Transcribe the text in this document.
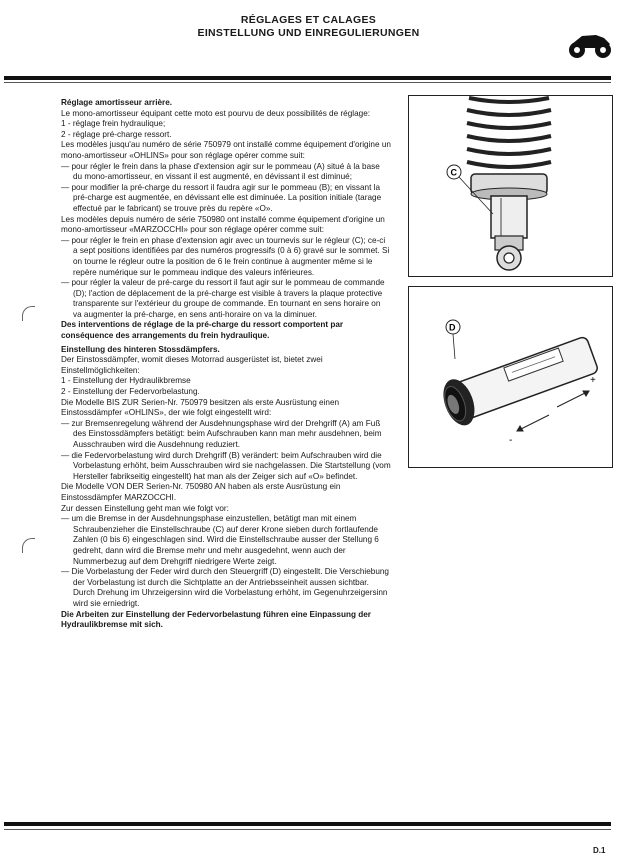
RÉGLAGES ET CALAGES
EINSTELLUNG UND EINREGULIERUNGEN

Réglage amortisseur arrière.

Le mono-amortisseur équipant cette moto est pourvu de deux possibilités de réglage:

1 - réglage frein hydraulique;

2 - réglage pré-charge ressort.

Les modèles jusqu'au numéro de série 750979 ont installé comme équipement d'origine un mono-amortisseur «OHLINS» pour son réglage opérer comme suit:

— pour régler le frein dans la phase d'extension agir sur le pommeau (A) situé à la base du mono-amortisseur, en vissant il est augmenté, en dévissant il est diminué;

— pour modifier la pré-charge du ressort il faudra agir sur le pommeau (B); en vissant la pré-charge est augmentée, en dévissant elle est diminuée. La position initiale (tarage effectué par le fabricant) se trouve près du repère «O».

Les modèles depuis numéro de série 750980 ont installé comme équipement d'origine un mono-amortisseur «MARZOCCHI» pour son réglage opérer comme suit:

— pour régler le frein en phase d'extension agir avec un tournevis sur le régleur (C); ce-ci a sept positions identifiées par des numéros progressifs (0 à 6) gravé sur le sommet. Si on tourne le régleur outre la position de 6 le frein continue à augmenter même si le repère numérique sur le pommeau indique des valeurs inférieures.

— pour régler la valeur de pré-carge du ressort il faut agir sur le pommeau de commande (D); l'action de déplacement de la pré-charge est visible à travers la plaque protective transparente sur l'extérieur du groupe de commande. En tournant en sens horaire on va augmenter la pré-charge, en sens anti-horaire on va la diminuer.

Des interventions de réglage de la pré-charge du ressort comportent par conséquence des arrangements du frein hydraulique.

Einstellung des hinteren Stossdämpfers.

Der Einstossdämpfer, womit dieses Motorrad ausgerüstet ist, bietet zwei Einstellmöglichkeiten:

1 - Einstellung der Hydraulikbremse

2 - Einstellung der Federvorbelastung.

Die Modelle BIS ZUR Serien-Nr. 750979 besitzen als erste Ausrüstung einen Einstossdämpfer «OHLINS», der wie folgt eingestellt wird:

— zur Bremsenregelung während der Ausdehnungsphase wird der Drehgriff (A) am Fuß des Einstossdämpfers betätigt: beim Aufschrauben kann man mehr ausdehnen, beim Ausschrauben wird die Ausdehnung reduziert.

— die Federvorbelastung wird durch Drehgriff (B) verändert: beim Aufschrauben wird die Vorbelastung erhöht, beim Ausschrauben wird sie nachgelassen. Die Startstellung (vom Hersteller fabrikseitig eingestellt) hat man als der Zeiger sich auf «O» befindet.

Die Modelle VON DER Serien-Nr. 750980 AN haben als erste Ausrüstung ein Einstossdämpfer MARZOCCHI.

Zur dessen Einstellung geht man wie folgt vor:

— um die Bremse in der Ausdehnungsphase einzustellen, betätigt man mit einem Schraubenzieher die Einstellschraube (C) auf derer Krone sieben durch fortlaufende Zahlen (0 bis 6) eingeschlagen sind. Wird die Einstellschraube ausser der Stellung 6 gedreht, dann wird die Bremse mehr und mehr ausgedehnt, wenn auch der Nummerbezug auf dem Drehgriff niedrigere Werte zeigt.

— Die Vorbelastung der Feder wird durch den Steuergriff (D) eingestellt. Die Verschiebung der Vorbelastung ist durch die Sichtplatte an der Antriebsseinheit aussen sichtbar. Durch Drehung im Uhrzeigersinn wird die Vorbelastung erhöht, im Gegenuhrzeigersinn wird sie erniedrigt.

Die Arbeiten zur Einstellung der Federvorbelastung führen eine Einpassung der Hydraulikbremse mit sich.

C
+
-
D
D.1
